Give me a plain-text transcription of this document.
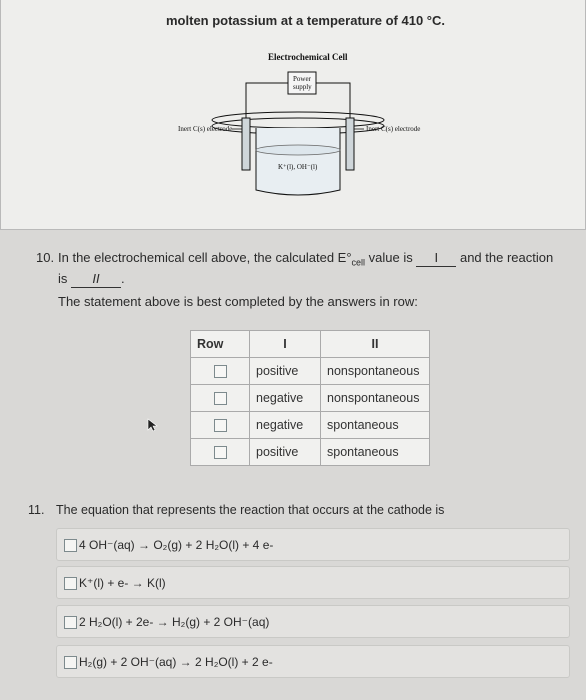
molten potassium at a temperature of 410 °C.
Electrochemical Cell
Power
supply
Inert C(s) electrode	Inert C(s) electrode
K⁺(l), OH⁻(l)
10. In the electrochemical cell above, the calculated $E^\circ_{cell}$ value is I and the reaction is II .
The statement above is best completed by the answers in row:
Row	I	II
	positive	nonspontaneous
	negative	nonspontaneous
	negative	spontaneous
	positive	spontaneous
11. The equation that represents the reaction that occurs at the cathode is
4 OH⁻(aq) → O₂(g) + 2 H₂O(l) + 4 e-
K⁺(l) + e- → K(l)
2 H₂O(l) + 2e- → H₂(g) + 2 OH⁻(aq)
H₂(g) + 2 OH⁻(aq) → 2 H₂O(l) + 2 e-
